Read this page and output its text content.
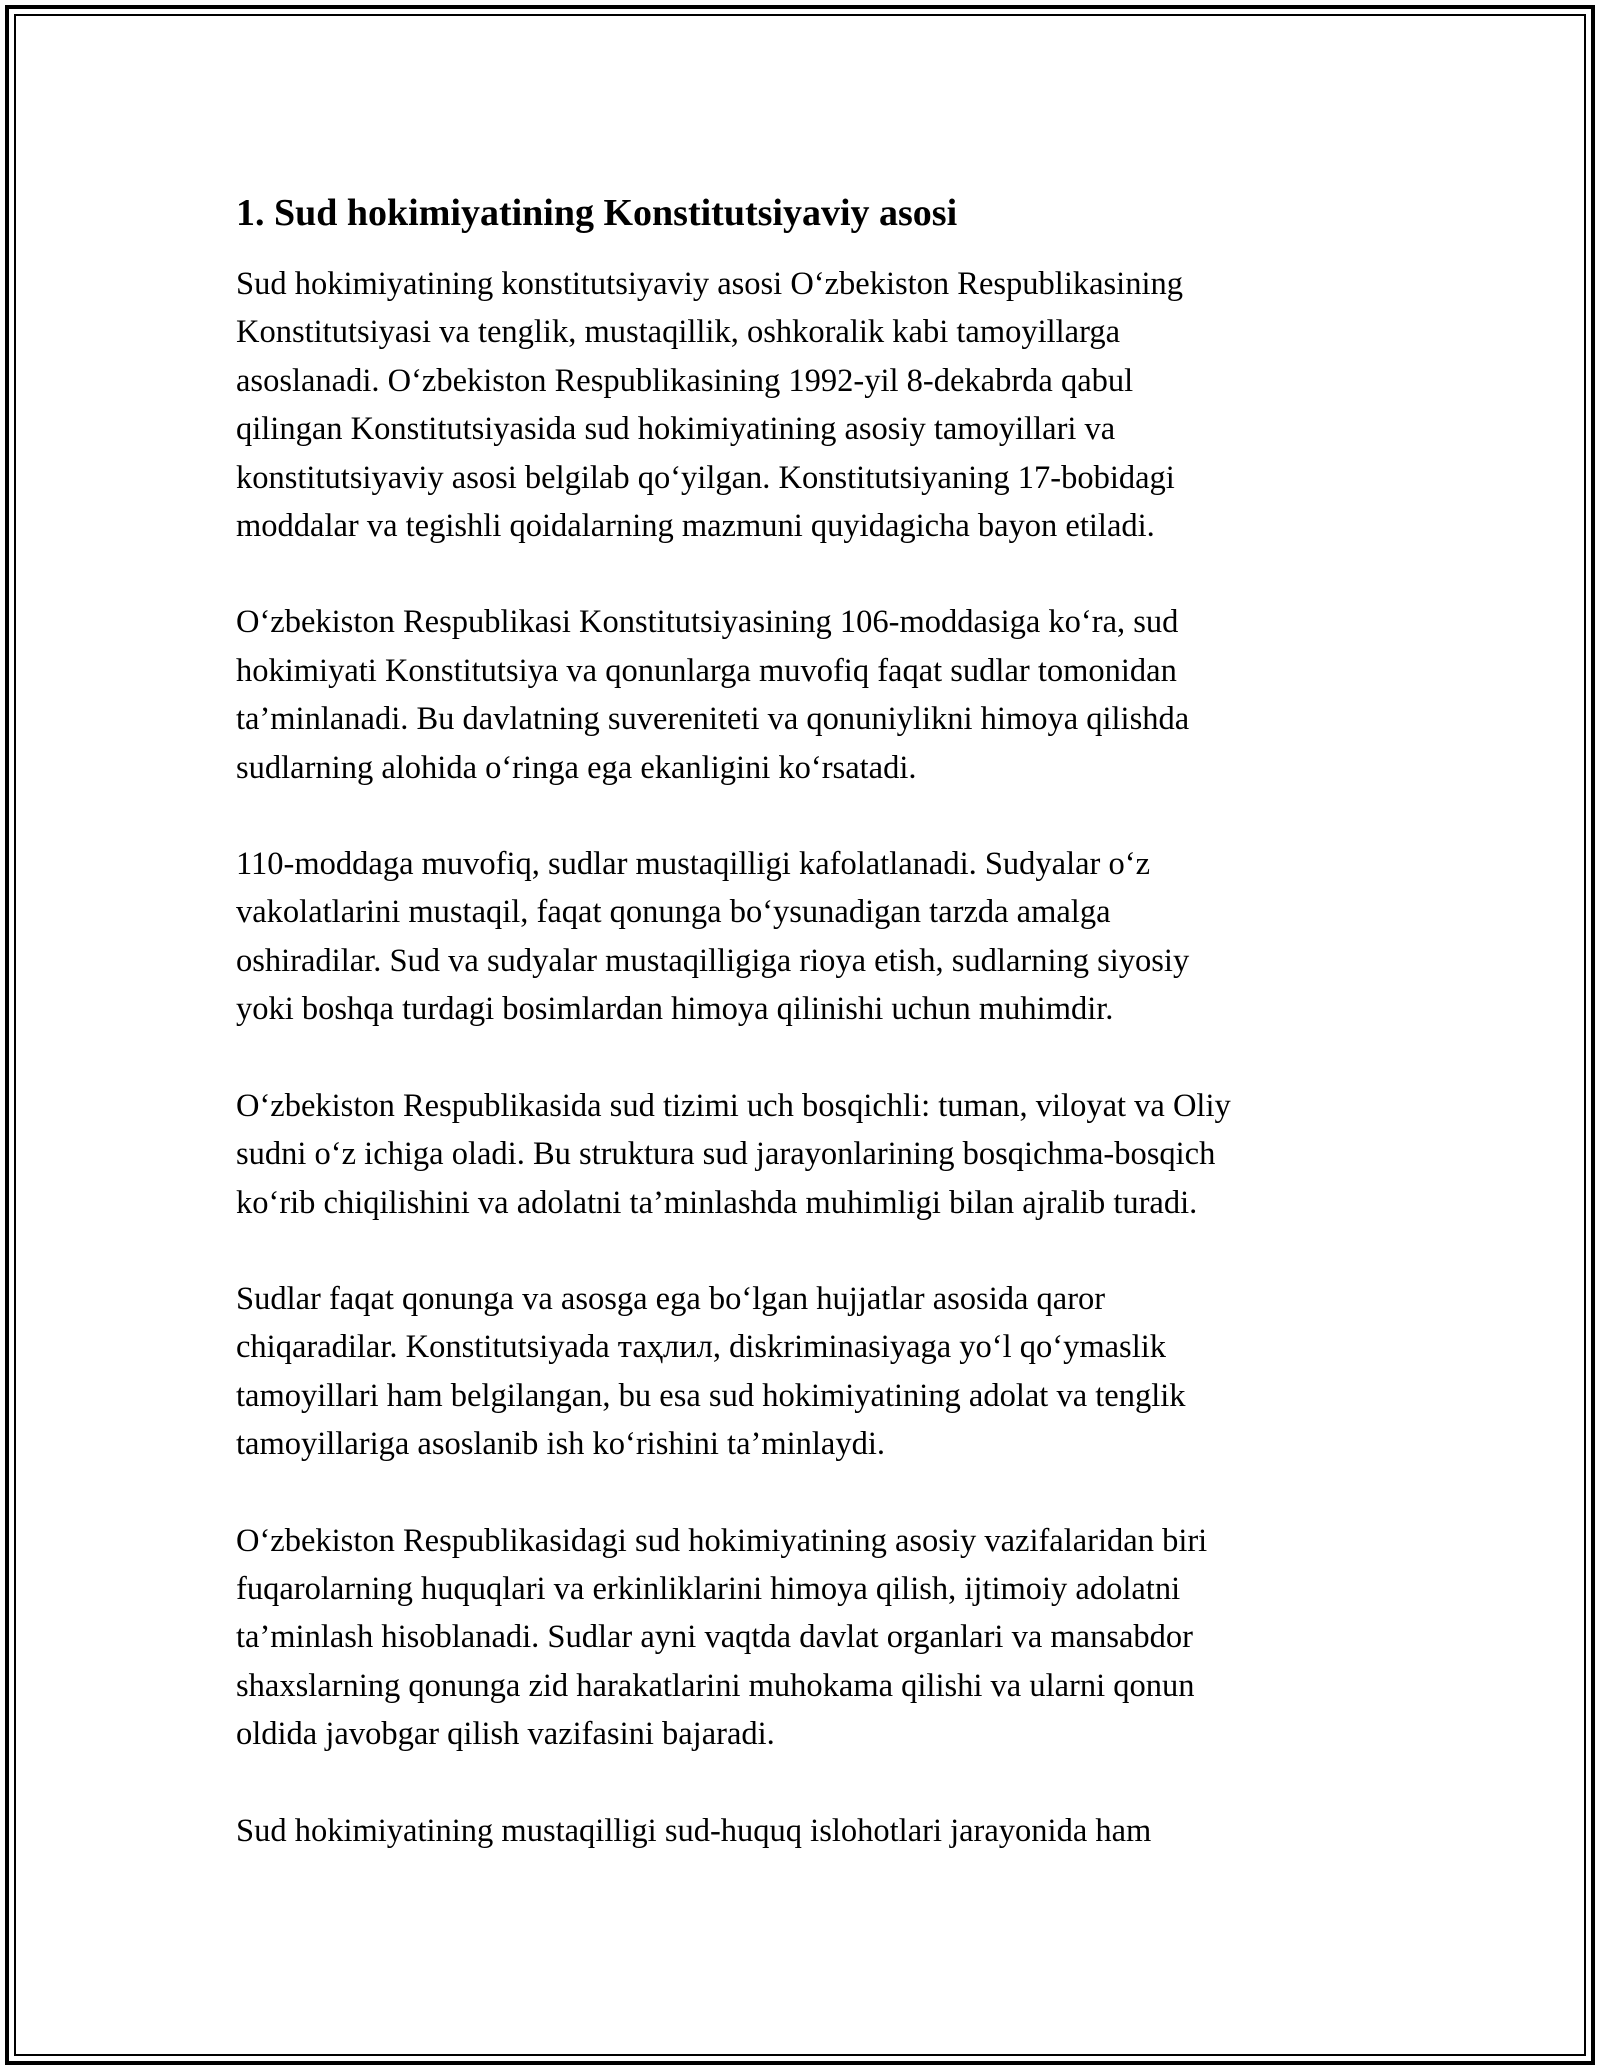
1. Sud hokimiyatining Konstitutsiyaviy asosi

Sud hokimiyatining konstitutsiyaviy asosi O‘zbekiston Respublikasining
Konstitutsiyasi va tenglik, mustaqillik, oshkoralik kabi tamoyillarga
asoslanadi. O‘zbekiston Respublikasining 1992-yil 8-dekabrda qabul
qilingan Konstitutsiyasida sud hokimiyatining asosiy tamoyillari va
konstitutsiyaviy asosi belgilab qo‘yilgan. Konstitutsiyaning 17-bobidagi
moddalar va tegishli qoidalarning mazmuni quyidagicha bayon etiladi.

O‘zbekiston Respublikasi Konstitutsiyasining 106-moddasiga ko‘ra, sud
hokimiyati Konstitutsiya va qonunlarga muvofiq faqat sudlar tomonidan
ta’minlanadi. Bu davlatning suvereniteti va qonuniylikni himoya qilishda
sudlarning alohida o‘ringa ega ekanligini ko‘rsatadi.

110-moddaga muvofiq, sudlar mustaqilligi kafolatlanadi. Sudyalar o‘z
vakolatlarini mustaqil, faqat qonunga bo‘ysunadigan tarzda amalga
oshiradilar. Sud va sudyalar mustaqilligiga rioya etish, sudlarning siyosiy
yoki boshqa turdagi bosimlardan himoya qilinishi uchun muhimdir.

O‘zbekiston Respublikasida sud tizimi uch bosqichli: tuman, viloyat va Oliy
sudni o‘z ichiga oladi. Bu struktura sud jarayonlarining bosqichma-bosqich
ko‘rib chiqilishini va adolatni ta’minlashda muhimligi bilan ajralib turadi.

Sudlar faqat qonunga va asosga ega bo‘lgan hujjatlar asosida qaror
chiqaradilar. Konstitutsiyada таҳлил, diskriminasiyaga yo‘l qo‘ymaslik
tamoyillari ham belgilangan, bu esa sud hokimiyatining adolat va tenglik
tamoyillariga asoslanib ish ko‘rishini ta’minlaydi.

O‘zbekiston Respublikasidagi sud hokimiyatining asosiy vazifalaridan biri
fuqarolarning huquqlari va erkinliklarini himoya qilish, ijtimoiy adolatni
ta’minlash hisoblanadi. Sudlar ayni vaqtda davlat organlari va mansabdor
shaxslarning qonunga zid harakatlarini muhokama qilishi va ularni qonun
oldida javobgar qilish vazifasini bajaradi.

Sud hokimiyatining mustaqilligi sud-huquq islohotlari jarayonida ham
